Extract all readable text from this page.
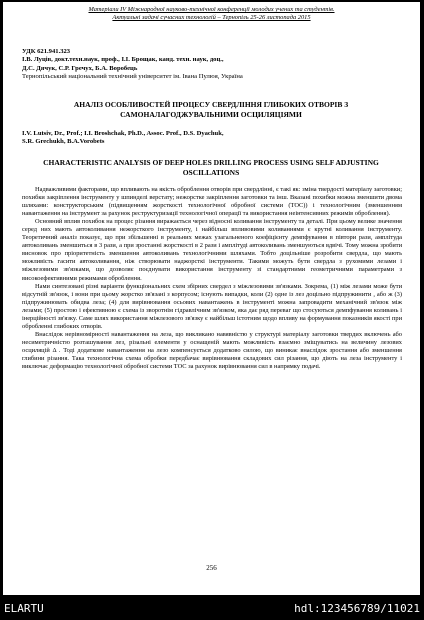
Матеріали ІV Міжнародної науково-технічної конференції молодих учених та студентів.
Актуальні задачі сучасних технологій – Тернопіль 25-26 листопада 2015
УДК 621.941.323
І.В. Луців, докт.техн.наук, проф., І.І. Брощак, канд. техн. наук, доц.,
Д.С. Дячук, С.Р. Гречух, Б.А. Воробець
Тернопільський національний технічний університет ім. Івана Пулюя, Україна
АНАЛІЗ ОСОБЛИВОСТЕЙ ПРОЦЕСУ СВЕРДЛІННЯ ГЛИБОКИХ ОТВОРІВ З САМОНАЛАГОДЖУВАЛЬНИМИ ОСЦИЛЯЦІЯМИ
I.V. Lutsiv, Dr., Prof.; I.I. Broshchak, Ph.D., Assoc. Prof., D.S. Dyachuk,
S.R. Grechukh, B.A.Vorobets
CHARACTERISTIC ANALYSIS OF DEEP HOLES DRILLING PROCESS USING SELF ADJUSTING OSCILLATIONS

Надважливими факторами, що впливають на якість оброблення отворів при свердлінні, є такі як: зміна твердості матеріалу заготовки; похибки закріплення інструменту у шпинделі верстату; нежорстке закріплення заготовки та інш. Вказані похибки можна зменшити двома шляхами: конструкторським (підвищенням жорсткості технологічної обробної системи (ТОС)) і технологічним (зменшенням навантаження на інструмент за рахунок реструктуризації технологічної операції та використання неінтенсивних режимів оброблення).

Основний вплив похибок на процес різання виражається через відносні коливання інструменту та деталі. При цьому велике значення серед них мають автоколивання нежорсткого інструменту, і найбільш впливовими коливаннями є крутні коливання інструменту. Теоретичний аналіз показує, що при збільшенні в реальних межах узагальненого коефіцієнту демпфування в півтори рази, амплітуда автоколивань зменшиться в 3 рази, а при зростанні жорсткості в 2 рази і амплітуді автоколивань зменшуються вдвічі. Тому можна зробити висновок про пріоритетність зменшення автоколивань технологічними шляхами. Тобто доцільніше розробити свердла, що мають можливість гасити автоколивання, ніж створювати наджорсткі інструменти. Такими можуть бути свердла з рухомими лезами і міжлезовими зв'язками, що дозволяє поєднувати використання інструменту зі стандартними геометричними параметрами з високоефективними режимами оброблення.

Нами синтезовані різні варіанти функціональних схем збірних свердел з міжлезовими зв'язками. Зокрема, (1) між лезами може бути відсутній зв'язок, і вони при цьому жорстко зв'язані з корпусом; існують випадки, коли (2) одне із лез доцільно підпружинити , або ж (3) підпружинювать обидва леза; (4) для вирівнювання осьових навантажень в інструменті можна запровадити механічний зв'язок між лезами; (5) простою і ефективною є схема із зворотнім гідравлічним зв'язком, яка дає ряд переваг що стосуються демпфування коливань і інерційності зв'язку. Саме шлях використання міжлезового зв'язку є найбільш істотним щодо впливу на формування показників якості при обробленні глибоких отворів.

Внаслідок нерівномірності навантаження на леза, що викликано навявністю у структурі матеріалу заготовки твердих включень або несиметричністю розташування лез, різальні елементи у оснащеній мають можливість взаємно зміщуватись на величину лезових осциляцій Δ . Тоді додаткове навантаження на лезо компенсується додатково силою, що виникає внаслідок зростання або зменшення глибини різання. Така технологічна схема обробки передбачає вирівнювання складових сил різання, що діють на леза інструменту і виключає деформацію технологічної обробної системи ТОС за рахунок вирівнювання сил в напрямку подачі.

256
ELARTU	hdl:123456789/11021
